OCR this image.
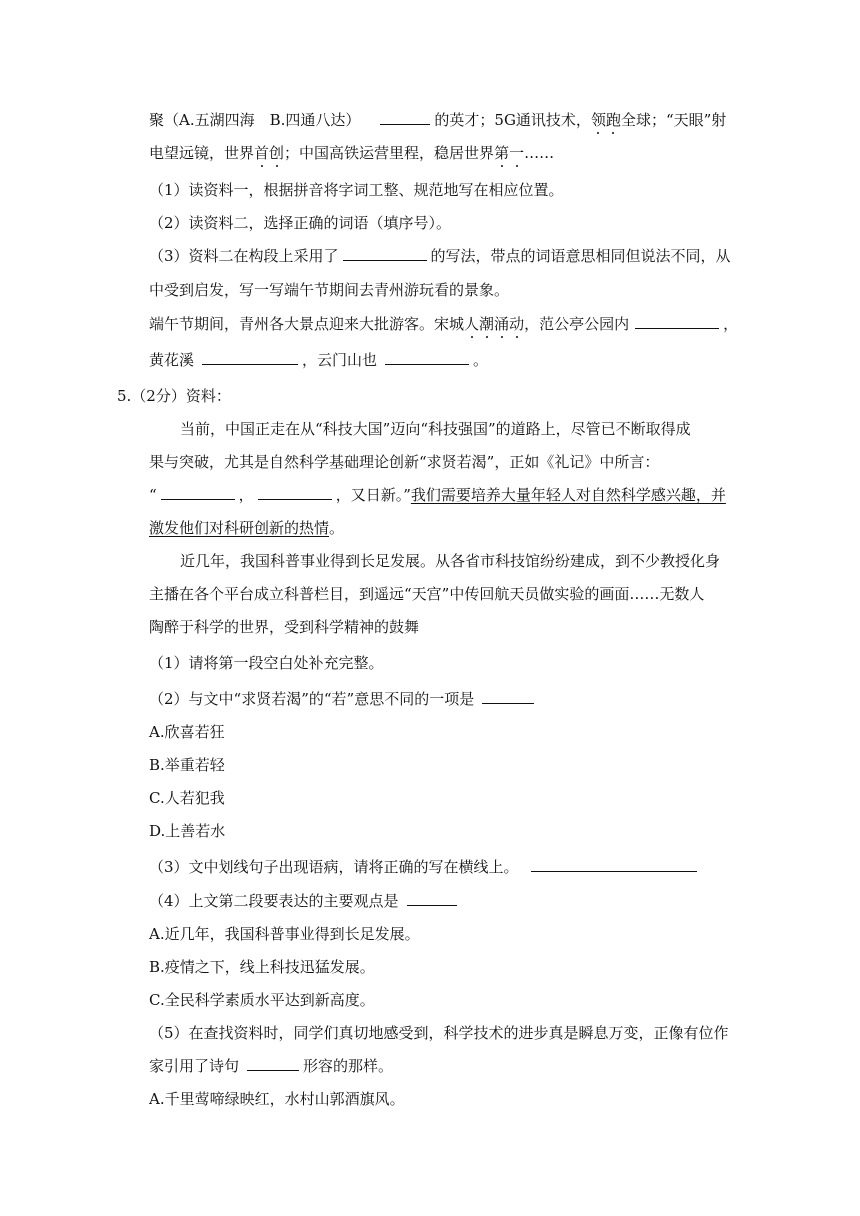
聚（A.五湖四海　B.四通八达）	的英才；5G通讯技术，领跑全球；“天眼”射
电望远镜，世界首创；中国高铁运营里程，稳居世界第一……
（1）读资料一，根据拼音将字词工整、规范地写在相应位置。
（2）读资料二，选择正确的词语（填序号）。
（3）资料二在构段上采用了	的写法，带点的词语意思相同但说法不同，从
中受到启发，写一写端午节期间去青州游玩看的景象。
端午节期间，青州各大景点迎来大批游客。宋城人潮涌动，范公亭公园内	，
黄花溪	，云门山也	。
5.（2分）资料：
当前，中国正走在从“科技大国”迈向“科技强国”的道路上，尽管已不断取得成
果与突破，尤其是自然科学基础理论创新“求贤若渴”，正如《礼记》中所言：
“	，	，又日新。”我们需要培养大量年轻人对自然科学感兴趣，并
激发他们对科研创新的热情。
近几年，我国科普事业得到长足发展。从各省市科技馆纷纷建成，到不少教授化身
主播在各个平台成立科普栏目，到遥远“天宫”中传回航天员做实验的画面……无数人
陶醉于科学的世界，受到科学精神的鼓舞
（1）请将第一段空白处补充完整。
（2）与文中“求贤若渴”的“若”意思不同的一项是
A.欣喜若狂
B.举重若轻
C.人若犯我
D.上善若水
（3）文中划线句子出现语病，请将正确的写在横线上。
（4）上文第二段要表达的主要观点是
A.近几年，我国科普事业得到长足发展。
B.疫情之下，线上科技迅猛发展。
C.全民科学素质水平达到新高度。
（5）在查找资料时，同学们真切地感受到，科学技术的进步真是瞬息万变，正像有位作
家引用了诗句	形容的那样。
A.千里莺啼绿映红，水村山郭酒旗风。
